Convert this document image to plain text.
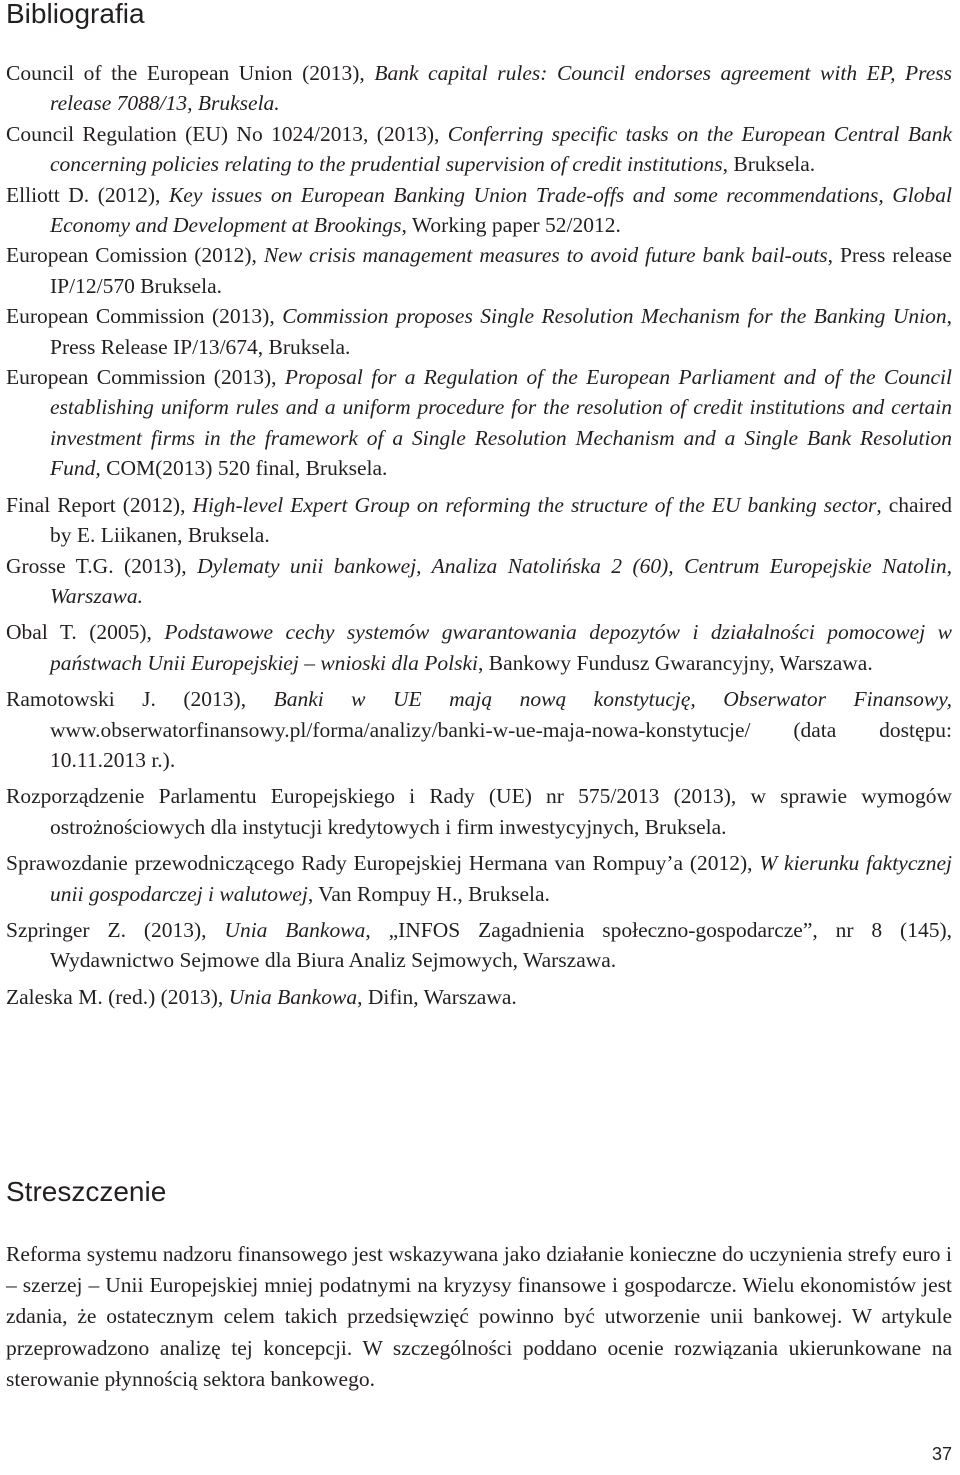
Bibliografia

Council of the European Union (2013), Bank capital rules: Council endorses agreement with EP, Press release 7088/13, Bruksela.

Council Regulation (EU) No 1024/2013, (2013), Conferring specific tasks on the European Central Bank concerning policies relating to the prudential supervision of credit institutions, Bruksela.

Elliott D. (2012), Key issues on European Banking Union Trade-offs and some recommendations, Global Economy and Development at Brookings, Working paper 52/2012.

European Comission (2012), New crisis management measures to avoid future bank bail-outs, Press release IP/12/570 Bruksela.

European Commission (2013), Commission proposes Single Resolution Mechanism for the Banking Union, Press Release IP/13/674, Bruksela.

European Commission (2013), Proposal for a Regulation of the European Parliament and of the Council establishing uniform rules and a uniform procedure for the resolution of credit institutions and certain investment firms in the framework of a Single Resolution Mechanism and a Single Bank Resolution Fund, COM(2013) 520 final, Bruksela.

Final Report (2012), High-level Expert Group on reforming the structure of the EU banking sector, chaired by E. Liikanen, Bruksela.

Grosse T.G. (2013), Dylematy unii bankowej, Analiza Natolińska 2 (60), Centrum Europejskie Natolin, Warszawa.

Obal T. (2005), Podstawowe cechy systemów gwarantowania depozytów i działalności pomocowej w państwach Unii Europejskiej – wnioski dla Polski, Bankowy Fundusz Gwarancyjny, Warszawa.

Ramotowski J. (2013), Banki w UE mają nową konstytucję, Obserwator Finansowy, www.obserwatorfinansowy.pl/forma/analizy/banki-w-ue-maja-nowa-konstytucje/ (data dostępu: 10.11.2013 r.).

Rozporządzenie Parlamentu Europejskiego i Rady (UE) nr 575/2013 (2013), w sprawie wymogów ostrożnościowych dla instytucji kredytowych i firm inwestycyjnych, Bruksela.

Sprawozdanie przewodniczącego Rady Europejskiej Hermana van Rompuy’a (2012), W kierunku faktycznej unii gospodarczej i walutowej, Van Rompuy H., Bruksela.

Szpringer Z. (2013), Unia Bankowa, „INFOS Zagadnienia społeczno-gospodarcze”, nr 8 (145), Wydawnictwo Sejmowe dla Biura Analiz Sejmowych, Warszawa.

Zaleska M. (red.) (2013), Unia Bankowa, Difin, Warszawa.

Streszczenie

Reforma systemu nadzoru finansowego jest wskazywana jako działanie konieczne do uczynienia strefy euro i – szerzej – Unii Europejskiej mniej podatnymi na kryzysy finansowe i gospodarcze. Wielu ekonomistów jest zdania, że ostatecznym celem takich przedsięwzięć powinno być utworzenie unii bankowej. W artykule przeprowadzono analizę tej koncepcji. W szczególności poddano ocenie rozwiązania ukierunkowane na sterowanie płynnością sektora bankowego.

37
